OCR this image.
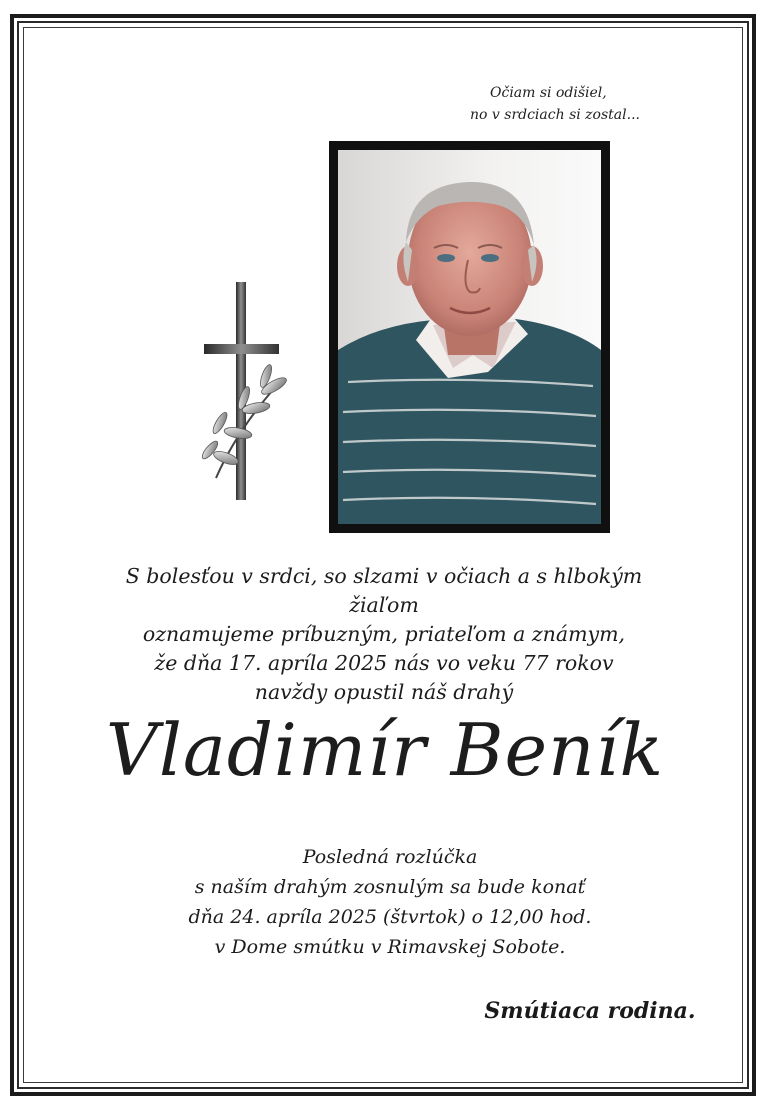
Očiam si odišiel,
no v srdciach si zostal...
S bolesťou v srdci, so slzami v očiach a s hlbokým žiaľom
oznamujeme príbuzným, priateľom a známym,
že dňa 17. apríla 2025 nás vo veku 77 rokov
navždy opustil náš drahý
Vladimír Beník
Posledná rozlúčka
s naším drahým zosnulým sa bude konať
dňa 24. apríla 2025 (štvrtok) o 12,00 hod.
v Dome smútku v Rimavskej Sobote.
Smútiaca rodina.
